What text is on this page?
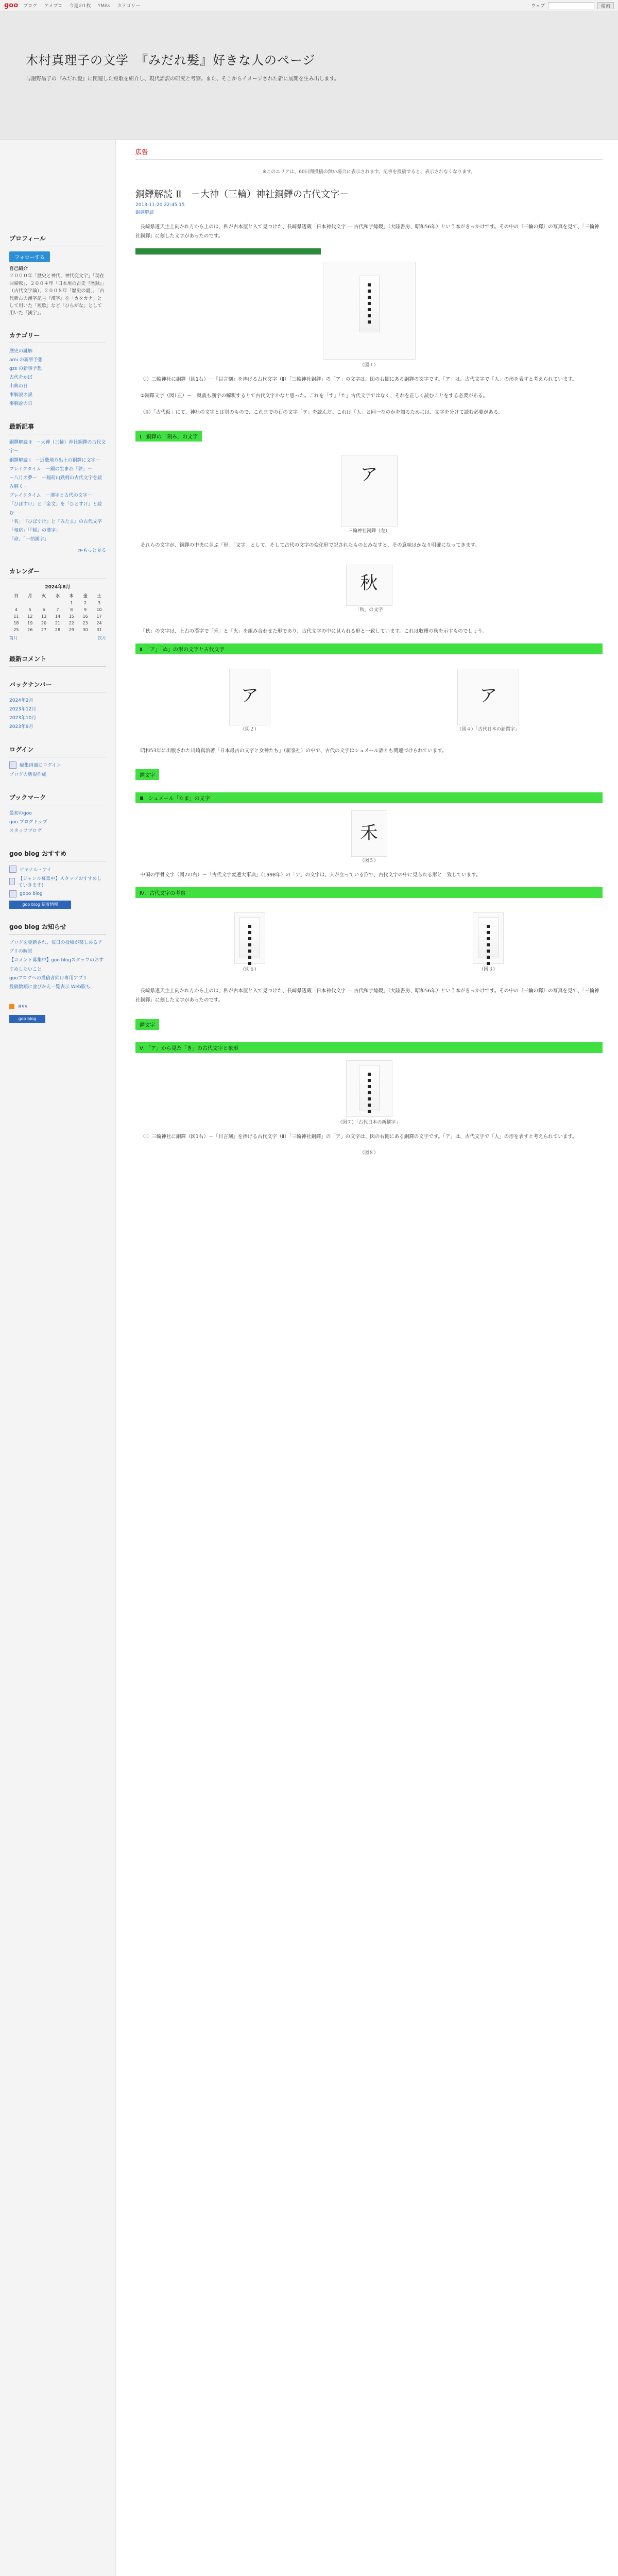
goo ブログ アメブロ 今週の1枚 YMAs カテゴリー	ウェブ	検索
木村真理子の文学　『みだれ髪』好きな人のページ
与謝野晶子の『みだれ髪』に関連した短歌を紹介し、現代語訳の研究と考察。また、そこからイメージされた新に展開を生み出します。
プロフィール
フォローする
自己紹介
２０００年「歴史と神代、神代変文字」「現在回帰転」、２００４年「日本用の古史『歴録』」（古代文字論）、２００８年「歴史の謎」。「古代新古の漢字記号『漢字』を「カタカナ」として用いた「短歌」など「ひらがな」として用いた「漢字」。
カテゴリー
歴史の謎解
ami の新事予想
gzs の新事予想
古代をかば
出典の日
事解説の誤
事解説の日
最新記事
銅鐸解読 Ⅱ　－大神（三輪）神社銅鐸の古代文字－
銅鐸解読 Ⅰ　－近畿地方出土の銅鐸に文字－
ブレイクタイム　－銅の生まれ「夢」－
－八月の夢－　－稲荷山鉄剣の古代文字を読み解く－
ブレイクタイム　－漢字と古代の文字－
「ひぼすけ」と「金文」を「ひとすけ」と読む
「名」「『ひぼすけ』と『みたま』の古代文字
「相応」「『稲』の漢字」
「命」「一拍漢字」
≫もっと見る
カレンダー
2024年8月
日	月	火	水	木	金	土
				1	2	3
4	5	6	7	8	9	10
11	12	13	14	15	16	17
18	19	20	21	22	23	24
25	26	27	28	29	30	31
前月	次月
最新コメント
バックナンバー
2024年2月
2023年12月
2023年10月
2023年9月
ログイン
編集画面にログイン
ブログの新規作成
ブックマーク
最初のgoo
goo ブログトップ
スタッフブログ
goo blog おすすめ
ピヤナル・アイ
【ジャンル募集中】スタッフおすすめしていきます！
gopo blog
goo blog 新着情報
goo blog お知らせ
ブログを更新され、毎日の投稿が楽しめるアプリの解説
【コメント募集中】goo blogスタッフのおすすめしたいこと
gooブログへの投稿者向け専用アプリ
投稿数順に並びかえ一覧表示 Web版も
RSS
goo blog
広告
※このエリアは、60日間投稿の無い場合に表示されます。記事を投稿すると、表示されなくなります。
銅鐸解読 Ⅱ　－大神（三輪）神社銅鐸の古代文字－
2013-11-20 22:45:15
銅鐸解読
長崎県透天主上向かれ方から上のは、私が古本屋と入て見つけた、長崎県透蔵「日本神代文字 ― 古代和字総観」（大陸書房、昭和56年）という本がきっかけです。その中の〔三輪の鐸〕の写真を見て、「三輪神社銅鐸」に刻した文字があったのです。
（図１）
（Ⅰ）三輪神社に銅鐸（図1右）－「目言刻」を捧げる古代文字（Ⅱ）「三輪神社銅鐸」の「ア」の文字は、図の右側にある銅鐸の文字です。「ア」は、古代文字で「人」の形を表すと考えられています。
②銅鐸文字（図1左）－　奥義も漢字の解釈するとて古代文字かなと思った。これを「す」「た」古代文字ではなく、それを正しく読むことをする必要がある。
（Ⅲ）「古代仮」にて、神社の文字とは別のもので、これまでの石の文字「ヲ」を読んだ。これは「人」と同一なのかを知るためには、文字を分けて読む必要がある。
Ⅰ．銅鐸の「刻み」の文字
ア
三輪神社銅鐸（左）
それらの文字が、銅鐸の中央に並ぶ「形」「文字」として、そして古代の文字の変化形で記されたものとみなすと、その意味はかなり明確になってきます。
秋
「秋」の文字
「秋」の文字は、上古の漢字で「禾」と「火」を組み合わせた形であり、古代文字の中に見られる形と一致しています。これは収穫の秋を示すものでしょう。
Ⅱ．「ア」「ぬ」の形の文字と古代文字
ア
（図２）
ア
（図４）「古代日本の新撰字」
昭和53年に出版された川崎真治著「日本最古の文字と女神たち」（新泉社）の中で、古代の文字はシュメール語とも関連づけられています。
鐸文字
Ⅲ．シュメール「たま」の文字
禾
（図５）
中国の甲骨文字（図7の右）－「古代文字変遷大事典」（1998年）の「ア」の文字は、人が立っている形で、古代文字の中に見られる形と一致しています。
Ⅳ．古代文字の考察
（図６）	（図３）
長崎県透天主上向かれ方から上のは、私が古本屋と入て見つけた、長崎県透蔵「日本神代文字 ― 古代和字総観」（大陸書房、昭和56年）という本がきっかけです。その中の〔三輪の鐸〕の写真を見て、「三輪神社銅鐸」に刻した文字があったのです。
鐸文字
Ⅴ．「ア」から見た「き」の古代文字と象形
（図７）「古代日本の新撰字」
（Ⅰ）三輪神社に銅鐸（図1右）－「目言刻」を捧げる古代文字（Ⅱ）「三輪神社銅鐸」の「ア」の文字は、図の右側にある銅鐸の文字です。「ア」は、古代文字で「人」の形を表すと考えられています。
（図８）
